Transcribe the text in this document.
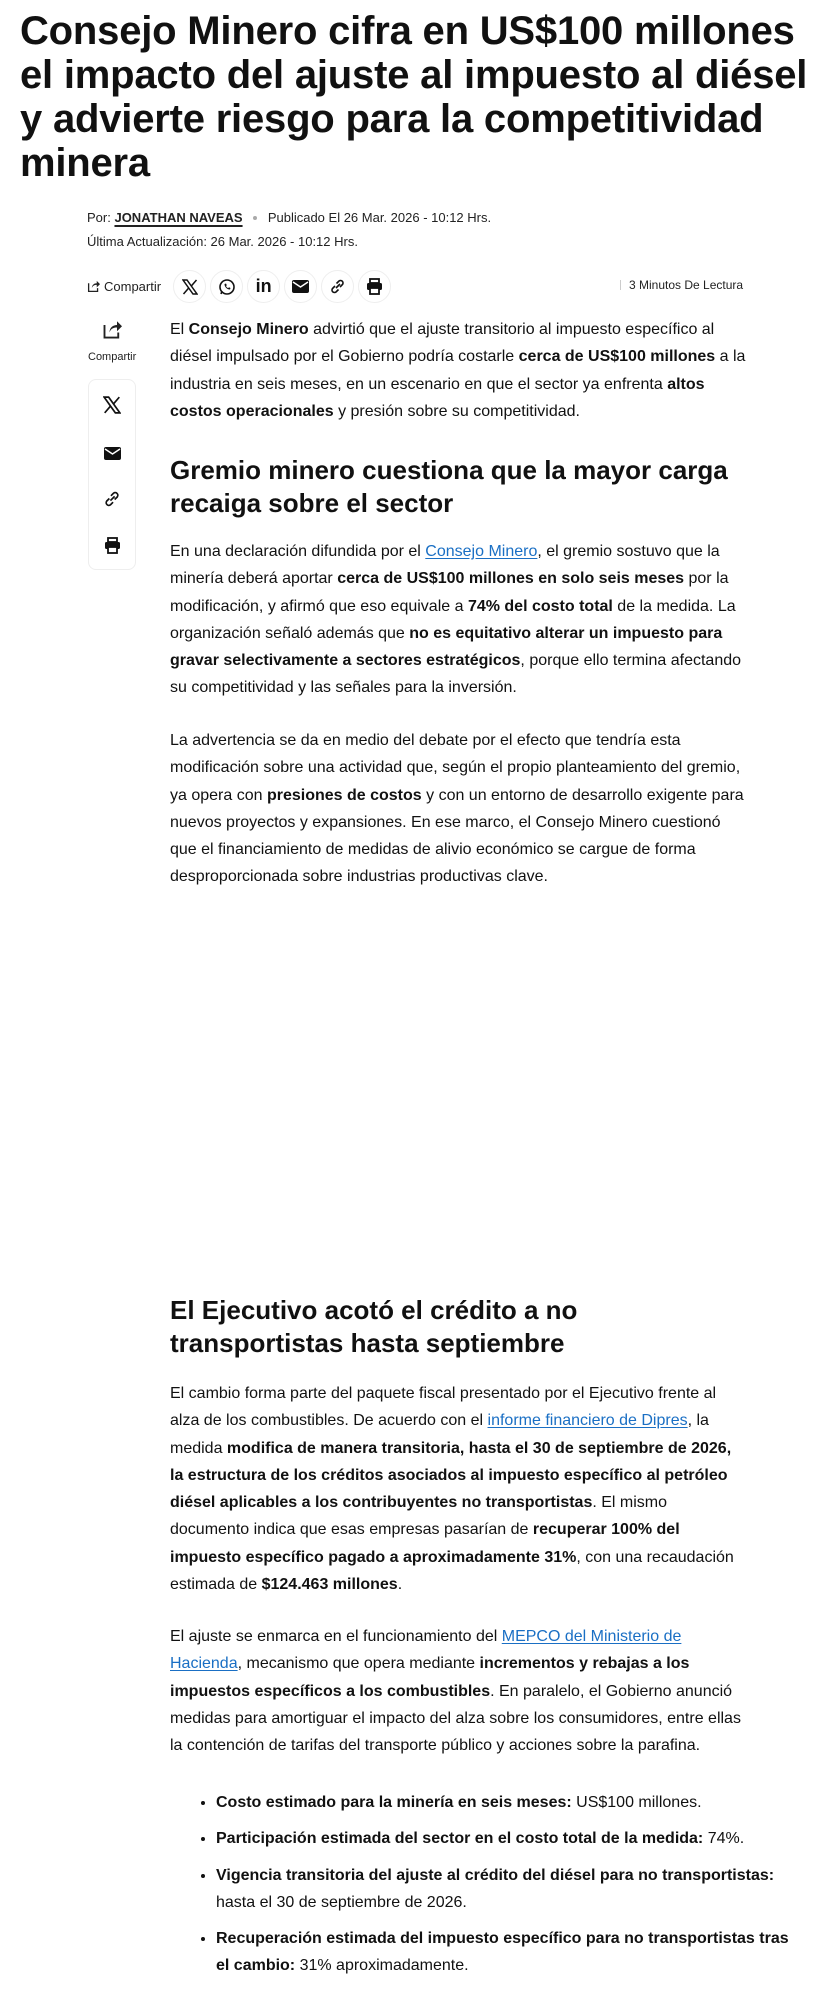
Consejo Minero cifra en US$100 millones el impacto del ajuste al impuesto al diésel y advierte riesgo para la competitividad minera
Por: JONATHAN NAVEAS Publicado El 26 Mar. 2026 - 10:12 Hrs.
Última Actualización: 26 Mar. 2026 - 10:12 Hrs.
Compartir	in	3 Minutos De Lectura
Compartir

El Consejo Minero advirtió que el ajuste transitorio al impuesto específico al diésel impulsado por el Gobierno podría costarle cerca de US$100 millones a la industria en seis meses, en un escenario en que el sector ya enfrenta altos costos operacionales y presión sobre su competitividad.

Gremio minero cuestiona que la mayor carga recaiga sobre el sector

En una declaración difundida por el Consejo Minero, el gremio sostuvo que la minería deberá aportar cerca de US$100 millones en solo seis meses por la modificación, y afirmó que eso equivale a 74% del costo total de la medida. La organización señaló además que no es equitativo alterar un impuesto para gravar selectivamente a sectores estratégicos, porque ello termina afectando su competitividad y las señales para la inversión.

La advertencia se da en medio del debate por el efecto que tendría esta modificación sobre una actividad que, según el propio planteamiento del gremio, ya opera con presiones de costos y con un entorno de desarrollo exigente para nuevos proyectos y expansiones. En ese marco, el Consejo Minero cuestionó que el financiamiento de medidas de alivio económico se cargue de forma desproporcionada sobre industrias productivas clave.

El Ejecutivo acotó el crédito a no transportistas hasta septiembre

El cambio forma parte del paquete fiscal presentado por el Ejecutivo frente al alza de los combustibles. De acuerdo con el informe financiero de Dipres, la medida modifica de manera transitoria, hasta el 30 de septiembre de 2026, la estructura de los créditos asociados al impuesto específico al petróleo diésel aplicables a los contribuyentes no transportistas. El mismo documento indica que esas empresas pasarían de recuperar 100% del impuesto específico pagado a aproximadamente 31%, con una recaudación estimada de $124.463 millones.

El ajuste se enmarca en el funcionamiento del MEPCO del Ministerio de Hacienda, mecanismo que opera mediante incrementos y rebajas a los impuestos específicos a los combustibles. En paralelo, el Gobierno anunció medidas para amortiguar el impacto del alza sobre los consumidores, entre ellas la contención de tarifas del transporte público y acciones sobre la parafina.

• Costo estimado para la minería en seis meses: US$100 millones.
• Participación estimada del sector en el costo total de la medida: 74%.
• Vigencia transitoria del ajuste al crédito del diésel para no transportistas: hasta el 30 de septiembre de 2026.
• Recuperación estimada del impuesto específico para no transportistas tras el cambio: 31% aproximadamente.
